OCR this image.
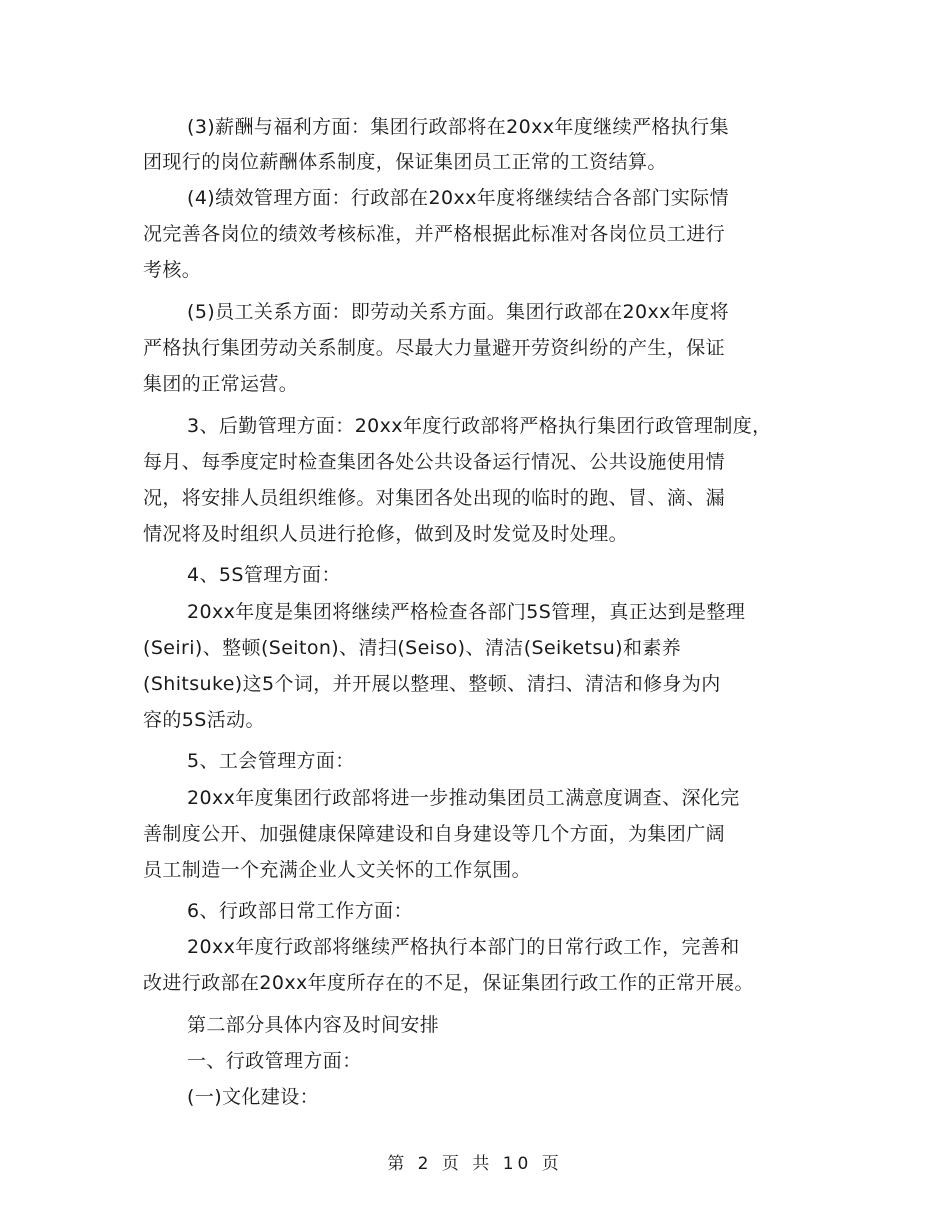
(3)薪酬与福利方面：集团行政部将在20xx年度继续严格执行集
团现行的岗位薪酬体系制度，保证集团员工正常的工资结算。
(4)绩效管理方面：行政部在20xx年度将继续结合各部门实际情
况完善各岗位的绩效考核标准，并严格根据此标准对各岗位员工进行
考核。
(5)员工关系方面：即劳动关系方面。集团行政部在20xx年度将
严格执行集团劳动关系制度。尽最大力量避开劳资纠纷的产生，保证
集团的正常运营。
3、后勤管理方面：20xx年度行政部将严格执行集团行政管理制度，
每月、每季度定时检查集团各处公共设备运行情况、公共设施使用情
况，将安排人员组织维修。对集团各处出现的临时的跑、冒、滴、漏
情况将及时组织人员进行抢修，做到及时发觉及时处理。
4、5S管理方面：
20xx年度是集团将继续严格检查各部门5S管理，真正达到是整理
(Seiri)、整顿(Seiton)、清扫(Seiso)、清洁(Seiketsu)和素养
(Shitsuke)这5个词，并开展以整理、整顿、清扫、清洁和修身为内
容的5S活动。
5、工会管理方面：
20xx年度集团行政部将进一步推动集团员工满意度调查、深化完
善制度公开、加强健康保障建设和自身建设等几个方面，为集团广阔
员工制造一个充满企业人文关怀的工作氛围。
6、行政部日常工作方面：
20xx年度行政部将继续严格执行本部门的日常行政工作，完善和
改进行政部在20xx年度所存在的不足，保证集团行政工作的正常开展。
第二部分具体内容及时间安排
一、行政管理方面：
(一)文化建设：
第 2 页 共 10 页
